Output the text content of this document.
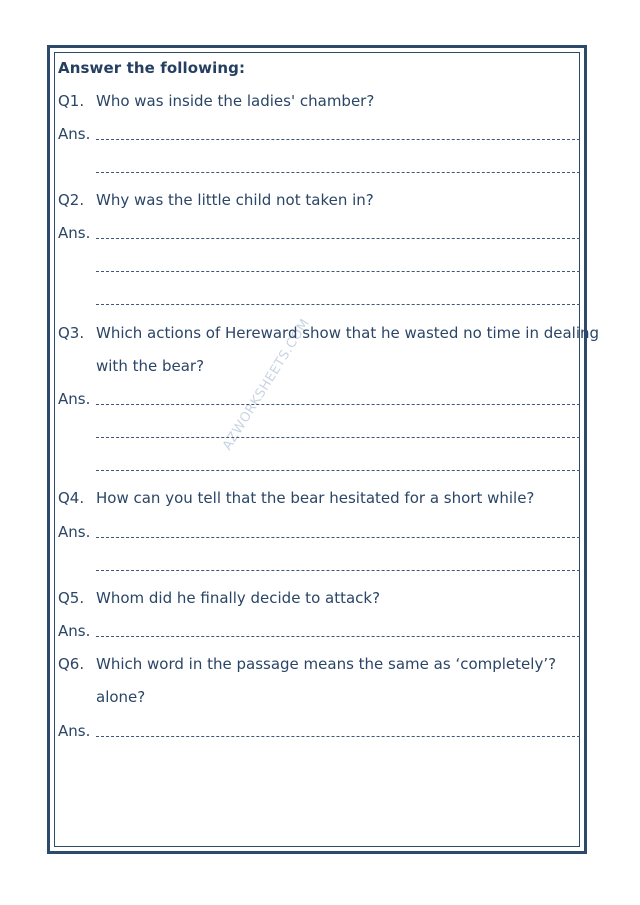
AZWORKSHEETS.COM
Answer the following:
Q1. Who was inside the ladies' chamber?
Ans.
Q2. Why was the little child not taken in?
Ans.
Q3. Which actions of Hereward show that he wasted no time in dealing
with the bear?
Ans.
Q4. How can you tell that the bear hesitated for a short while?
Ans.
Q5. Whom did he finally decide to attack?
Ans.
Q6. Which word in the passage means the same as ‘completely’?
alone?
Ans.
